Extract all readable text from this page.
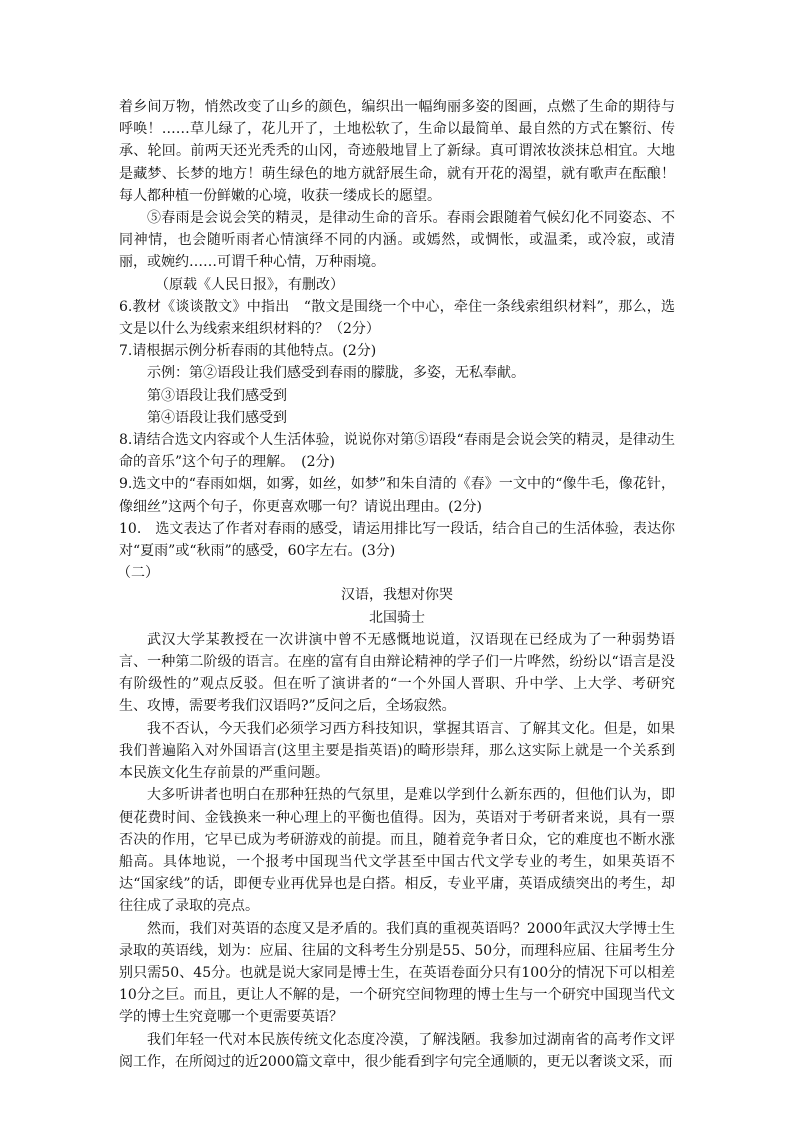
着乡间万物，悄然改变了山乡的颜色，编织出一幅绚丽多姿的图画，点燃了生命的期待与呼唤！……草儿绿了，花儿开了，土地松软了，生命以最简单、最自然的方式在繁衍、传承、轮回。前两天还光秃秃的山冈，奇迹般地冒上了新绿。真可谓浓妆淡抹总相宜。大地是藏梦、长梦的地方！萌生绿色的地方就舒展生命，就有开花的渴望，就有歌声在酝酿！每人都种植一份鲜嫩的心境，收获一缕成长的愿望。

⑤春雨是会说会笑的精灵，是律动生命的音乐。春雨会跟随着气候幻化不同姿态、不同神情，也会随听雨者心情演绎不同的内涵。或嫣然，或惆怅，或温柔，或冷寂，或清丽，或婉约……可谓千种心情，万种雨境。

（原载《人民日报》，有删改）

6.教材《谈谈散文》中指出　“散文是围绕一个中心，牵住一条线索组织材料”，那么，选文是以什么为线索来组织材料的？（2分）

7.请根据示例分析春雨的其他特点。(2分)

示例：第②语段让我们感受到春雨的朦胧，多姿，无私奉献。

第③语段让我们感受到

第④语段让我们感受到

8.请结合选文内容或个人生活体验，说说你对第⑤语段“春雨是会说会笑的精灵，是律动生命的音乐”这个句子的理解。　(2分)

9.选文中的“春雨如烟，如雾，如丝，如梦”和朱自清的《春》一文中的“像牛毛，像花针，像细丝”这两个句子，你更喜欢哪一句？请说出理由。(2分)

10.　选文表达了作者对春雨的感受，请运用排比写一段话，结合自己的生活体验，表达你对“夏雨”或“秋雨”的感受，60字左右。(3分)

（二）

汉语，我想对你哭

北国骑士

武汉大学某教授在一次讲演中曾不无感慨地说道，汉语现在已经成为了一种弱势语言、一种第二阶级的语言。在座的富有自由辩论精神的学子们一片哗然，纷纷以“语言是没有阶级性的”观点反驳。但在听了演讲者的“一个外国人晋职、升中学、上大学、考研究生、攻博，需要考我们汉语吗?”反问之后，全场寂然。

我不否认，今天我们必须学习西方科技知识，掌握其语言、了解其文化。但是，如果我们普遍陷入对外国语言(这里主要是指英语)的畸形崇拜，那么这实际上就是一个关系到本民族文化生存前景的严重问题。

大多听讲者也明白在那种狂热的气氛里，是难以学到什么新东西的，但他们认为，即便花费时间、金钱换来一种心理上的平衡也值得。因为，英语对于考研者来说，具有一票否决的作用，它早已成为考研游戏的前提。而且，随着竞争者日众，它的难度也不断水涨船高。具体地说，一个报考中国现当代文学甚至中国古代文学专业的考生，如果英语不达“国家线”的话，即便专业再优异也是白搭。相反，专业平庸，英语成绩突出的考生，却往往成了录取的亮点。

然而，我们对英语的态度又是矛盾的。我们真的重视英语吗？2000年武汉大学博士生录取的英语线，划为：应届、往届的文科考生分别是55、50分，而理科应届、往届考生分别只需50、45分。也就是说大家同是博士生，在英语卷面分只有100分的情况下可以相差10分之巨。而且，更让人不解的是，一个研究空间物理的博士生与一个研究中国现当代文学的博士生究竟哪一个更需要英语？

我们年轻一代对本民族传统文化态度冷漠，了解浅陋。我参加过湖南省的高考作文评阅工作，在所阅过的近2000篇文章中，很少能看到字句完全通顺的，更无以奢谈文采，而
